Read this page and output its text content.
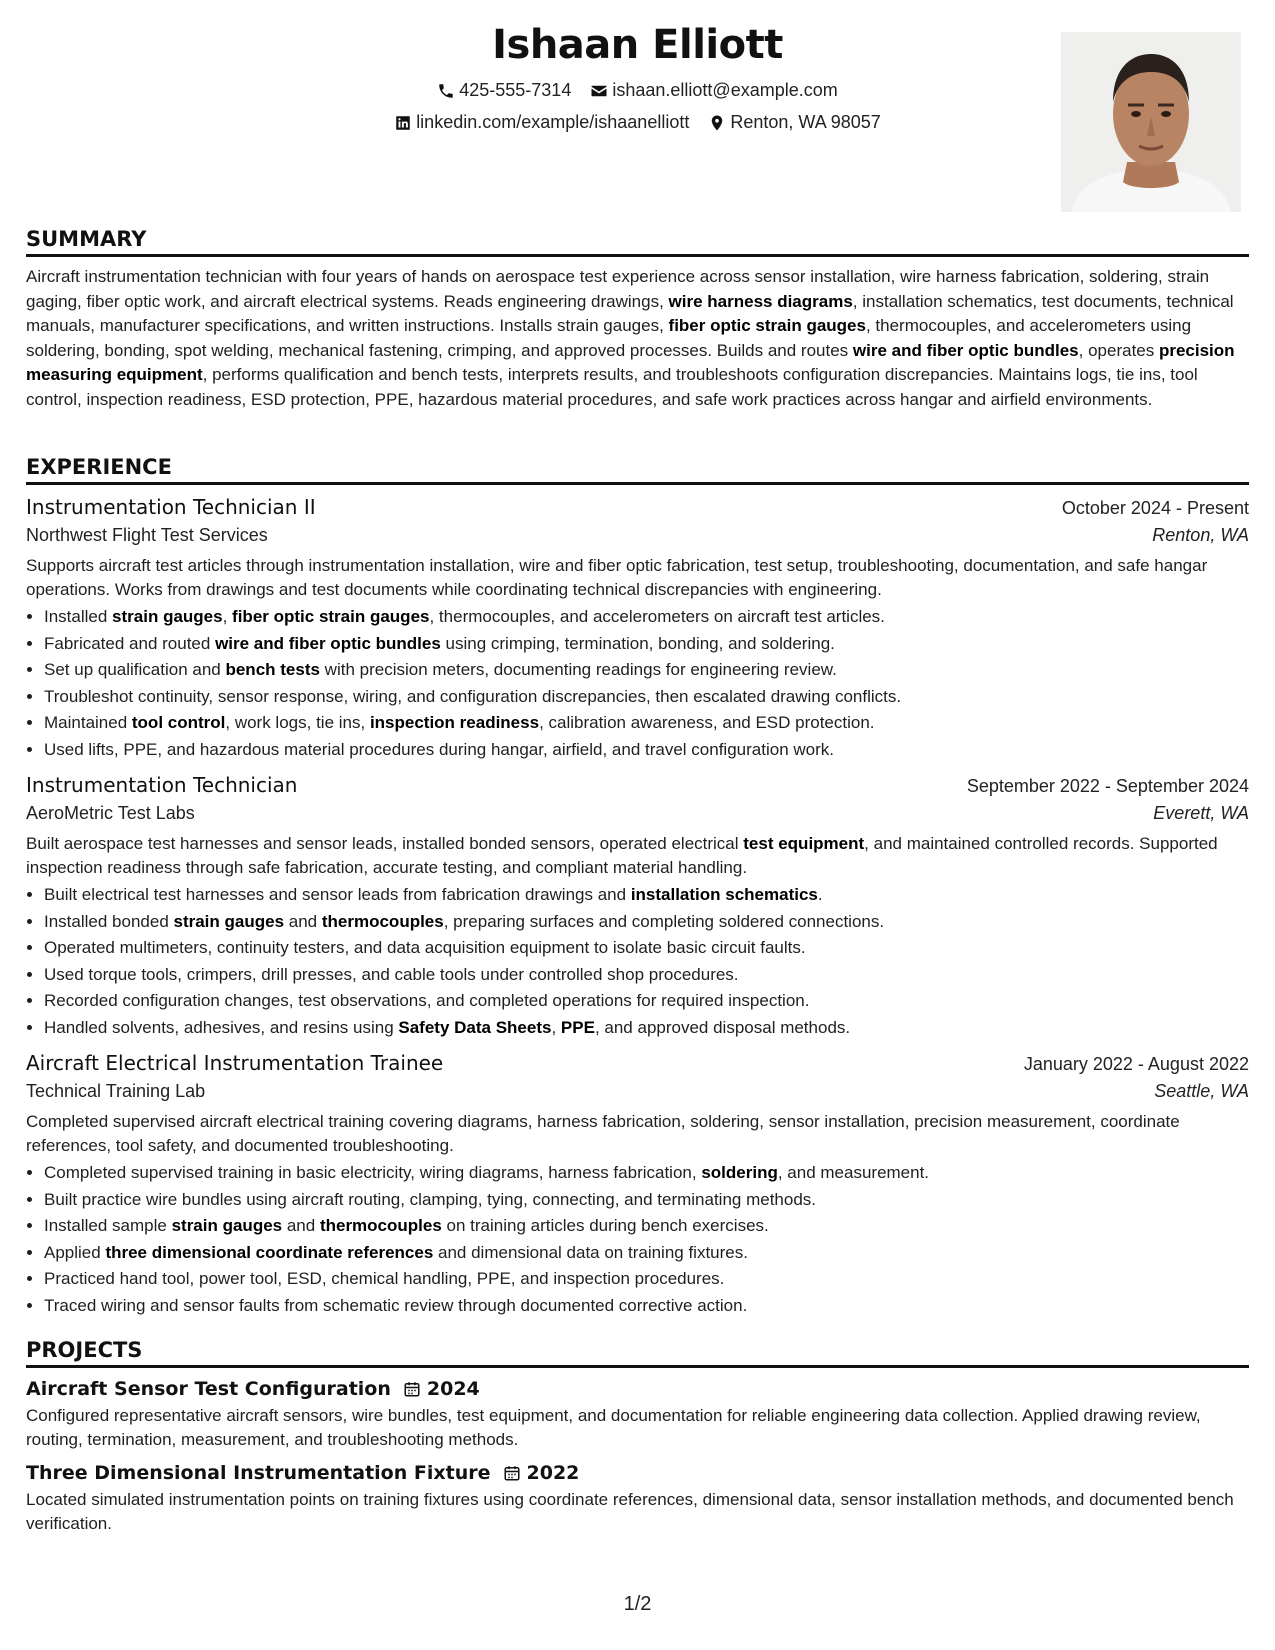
Ishaan Elliott
425-555-7314
ishaan.elliott@example.com
linkedin.com/example/ishaanelliott
Renton, WA 98057
SUMMARY

Aircraft instrumentation technician with four years of hands on aerospace test experience across sensor installation, wire harness fabrication, soldering, strain gaging, fiber optic work, and aircraft electrical systems. Reads engineering drawings, wire harness diagrams, installation schematics, test documents, technical manuals, manufacturer specifications, and written instructions. Installs strain gauges, fiber optic strain gauges, thermocouples, and accelerometers using soldering, bonding, spot welding, mechanical fastening, crimping, and approved processes. Builds and routes wire and fiber optic bundles, operates precision measuring equipment, performs qualification and bench tests, interprets results, and troubleshoots configuration discrepancies. Maintains logs, tie ins, tool control, inspection readiness, ESD protection, PPE, hazardous material procedures, and safe work practices across hangar and airfield environments.

EXPERIENCE
Instrumentation Technician II	October 2024 - Present
Northwest Flight Test Services	Renton, WA
Supports aircraft test articles through instrumentation installation, wire and fiber optic fabrication, test setup, troubleshooting, documentation, and safe hangar operations. Works from drawings and test documents while coordinating technical discrepancies with engineering.
• Installed strain gauges, fiber optic strain gauges, thermocouples, and accelerometers on aircraft test articles.
• Fabricated and routed wire and fiber optic bundles using crimping, termination, bonding, and soldering.
• Set up qualification and bench tests with precision meters, documenting readings for engineering review.
• Troubleshot continuity, sensor response, wiring, and configuration discrepancies, then escalated drawing conflicts.
• Maintained tool control, work logs, tie ins, inspection readiness, calibration awareness, and ESD protection.
• Used lifts, PPE, and hazardous material procedures during hangar, airfield, and travel configuration work.
Instrumentation Technician	September 2022 - September 2024
AeroMetric Test Labs	Everett, WA
Built aerospace test harnesses and sensor leads, installed bonded sensors, operated electrical test equipment, and maintained controlled records. Supported inspection readiness through safe fabrication, accurate testing, and compliant material handling.
• Built electrical test harnesses and sensor leads from fabrication drawings and installation schematics.
• Installed bonded strain gauges and thermocouples, preparing surfaces and completing soldered connections.
• Operated multimeters, continuity testers, and data acquisition equipment to isolate basic circuit faults.
• Used torque tools, crimpers, drill presses, and cable tools under controlled shop procedures.
• Recorded configuration changes, test observations, and completed operations for required inspection.
• Handled solvents, adhesives, and resins using Safety Data Sheets, PPE, and approved disposal methods.
Aircraft Electrical Instrumentation Trainee	January 2022 - August 2022
Technical Training Lab	Seattle, WA
Completed supervised aircraft electrical training covering diagrams, harness fabrication, soldering, sensor installation, precision measurement, coordinate references, tool safety, and documented troubleshooting.
• Completed supervised training in basic electricity, wiring diagrams, harness fabrication, soldering, and measurement.
• Built practice wire bundles using aircraft routing, clamping, tying, connecting, and terminating methods.
• Installed sample strain gauges and thermocouples on training articles during bench exercises.
• Applied three dimensional coordinate references and dimensional data on training fixtures.
• Practiced hand tool, power tool, ESD, chemical handling, PPE, and inspection procedures.
• Traced wiring and sensor faults from schematic review through documented corrective action.
PROJECTS
Aircraft Sensor Test Configuration 2024
Configured representative aircraft sensors, wire bundles, test equipment, and documentation for reliable engineering data collection. Applied drawing review, routing, termination, measurement, and troubleshooting methods.
Three Dimensional Instrumentation Fixture 2022
Located simulated instrumentation points on training fixtures using coordinate references, dimensional data, sensor installation methods, and documented bench verification.
1/2
